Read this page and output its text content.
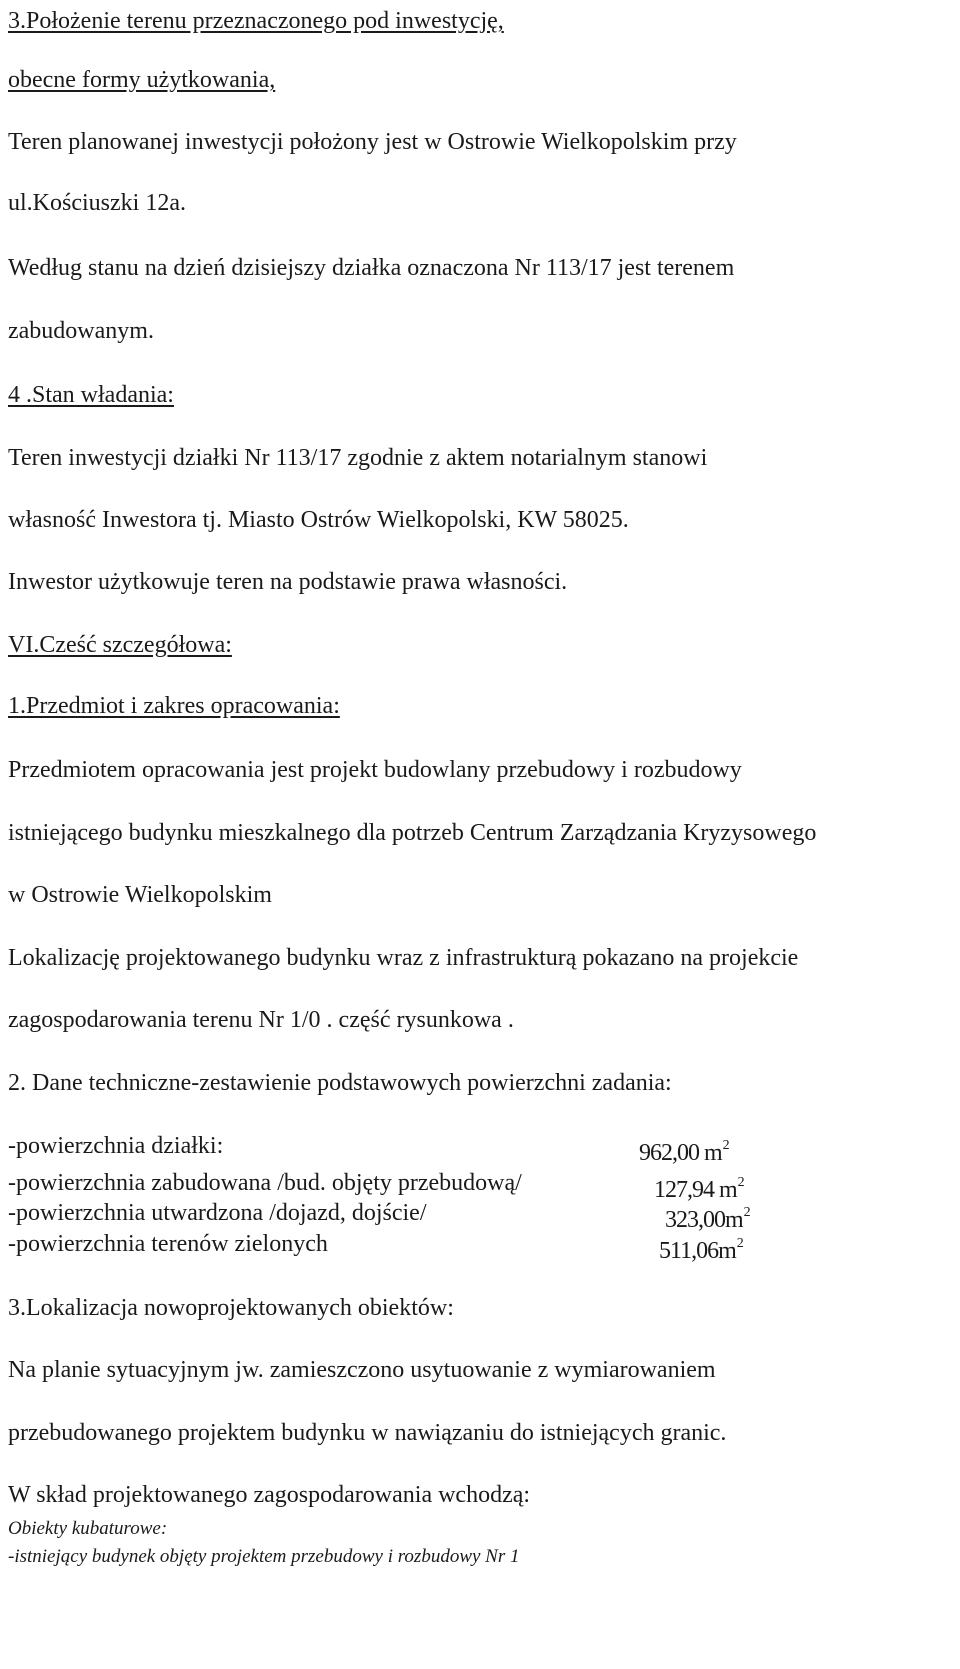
3.Położenie terenu przeznaczonego pod inwestycję,
obecne formy użytkowania,
Teren planowanej inwestycji położony jest w Ostrowie Wielkopolskim przy
ul.Kościuszki 12a.
Według stanu na dzień dzisiejszy działka oznaczona Nr 113/17 jest terenem
zabudowanym.
4 .Stan władania:
Teren inwestycji działki Nr 113/17 zgodnie z aktem notarialnym stanowi
własność Inwestora tj. Miasto Ostrów Wielkopolski, KW 58025.
Inwestor użytkowuje teren na podstawie prawa własności.
VI.Cześć szczegółowa:
1.Przedmiot i zakres opracowania:
Przedmiotem opracowania jest projekt budowlany przebudowy i rozbudowy
istniejącego budynku mieszkalnego dla potrzeb Centrum Zarządzania Kryzysowego
w Ostrowie Wielkopolskim
Lokalizację projektowanego budynku wraz z infrastrukturą pokazano na projekcie
zagospodarowania terenu Nr 1/0 . część rysunkowa .
2. Dane techniczne-zestawienie podstawowych powierzchni zadania:
-powierzchnia działki:	962,00 $m^2$
-powierzchnia zabudowana /bud. objęty przebudową/	127,94 $m^2$
-powierzchnia utwardzona /dojazd, dojście/	$323,00m^2$
-powierzchnia terenów zielonych	$511,06m^2$
3.Lokalizacja nowoprojektowanych obiektów:
Na planie sytuacyjnym jw. zamieszczono usytuowanie z wymiarowaniem
przebudowanego projektem budynku w nawiązaniu do istniejących granic.
W skład projektowanego zagospodarowania wchodzą:
Obiekty kubaturowe:
-istniejący budynek objęty projektem przebudowy i rozbudowy Nr 1
